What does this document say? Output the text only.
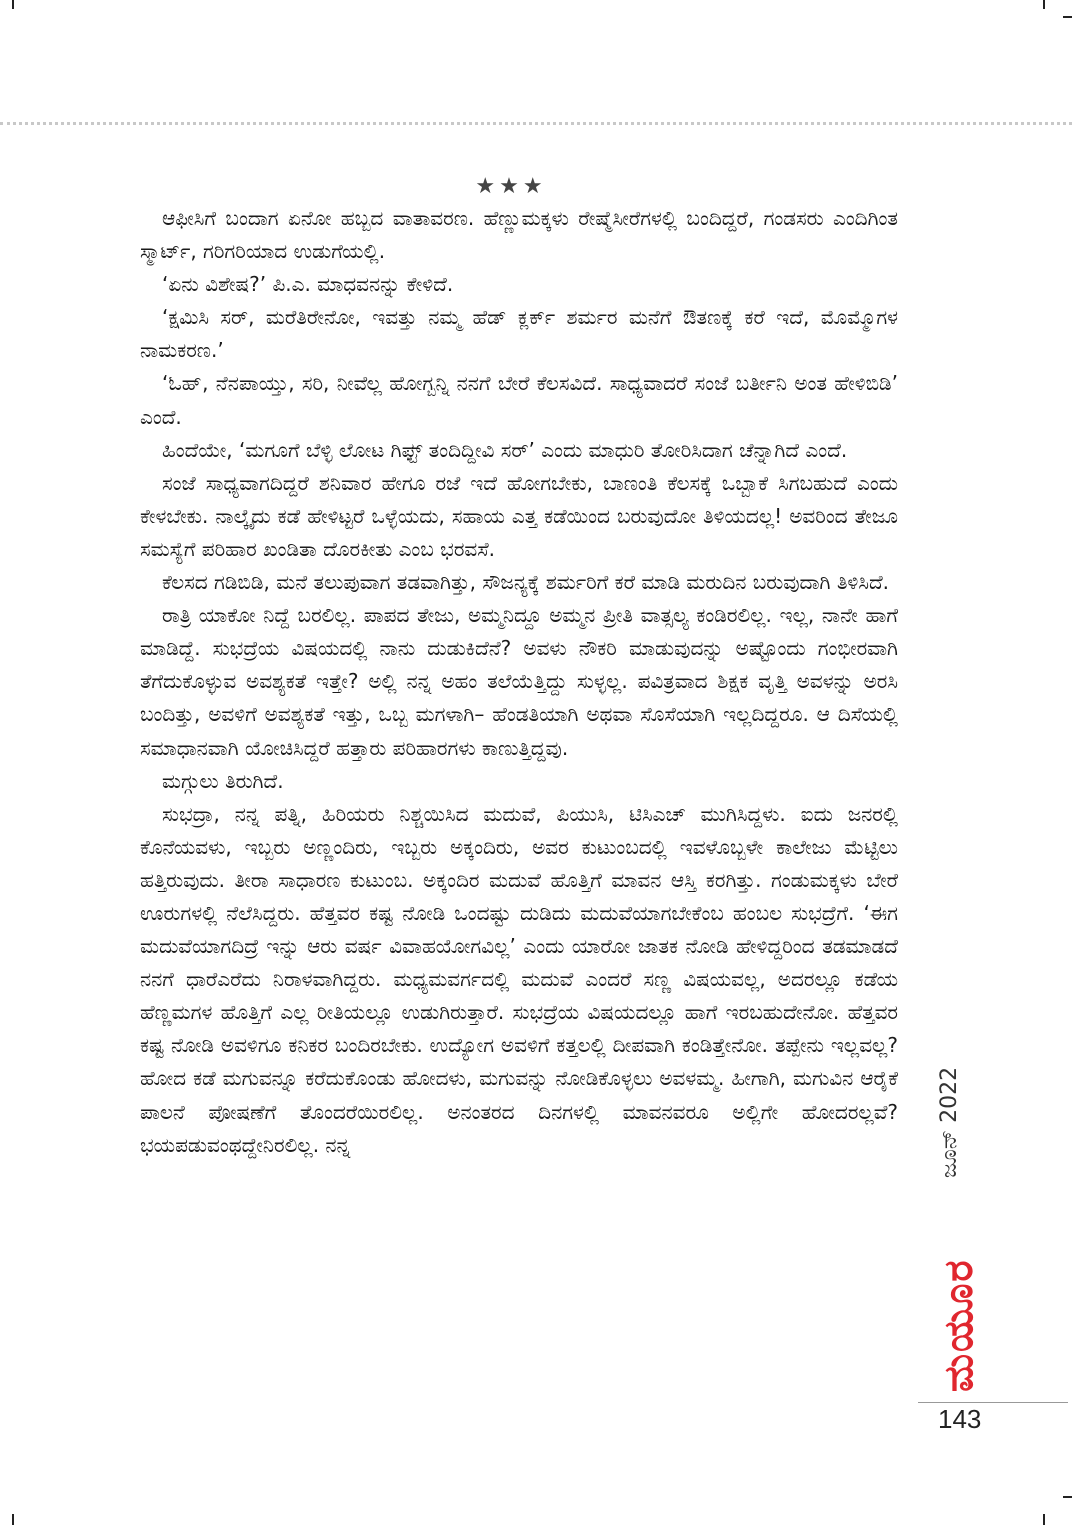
★★★

ಆಫೀಸಿಗೆ ಬಂದಾಗ ಏನೋ ಹಬ್ಬದ ವಾತಾವರಣ. ಹೆಣ್ಣುಮಕ್ಕಳು ರೇಷ್ಮೆಸೀರೆಗಳಲ್ಲಿ ಬಂದಿದ್ದರೆ, ಗಂಡಸರು ಎಂದಿಗಿಂತ ಸ್ಮಾರ್ಟ್, ಗರಿಗರಿಯಾದ ಉಡುಗೆಯಲ್ಲಿ.

‘ಏನು ವಿಶೇಷ?’ ಪಿ.ಎ. ಮಾಧವನನ್ನು ಕೇಳಿದೆ.

‘ಕ್ಷಮಿಸಿ ಸರ್, ಮರೆತಿರೇನೋ, ಇವತ್ತು ನಮ್ಮ ಹೆಡ್ ಕ್ಲರ್ಕ್ ಶರ್ಮರ ಮನೆಗೆ ಔತಣಕ್ಕೆ ಕರೆ ಇದೆ, ಮೊಮ್ಮೊಗಳ ನಾಮಕರಣ.’

‘ಓಹ್, ನೆನಪಾಯ್ತು, ಸರಿ, ನೀವೆಲ್ಲ ಹೋಗ್ಬನ್ನಿ ನನಗೆ ಬೇರೆ ಕೆಲಸವಿದೆ. ಸಾಧ್ಯವಾದರೆ ಸಂಜೆ ಬರ್ತೀನಿ ಅಂತ ಹೇಳಿಬಿಡಿ’ ಎಂದೆ.

ಹಿಂದೆಯೇ, ‘ಮಗೂಗೆ ಬೆಳ್ಳಿ ಲೋಟ ಗಿಫ್ಟ್ ತಂದಿದ್ದೀವಿ ಸರ್’ ಎಂದು ಮಾಧುರಿ ತೋರಿಸಿದಾಗ ಚೆನ್ನಾಗಿದೆ ಎಂದೆ.

ಸಂಜೆ ಸಾಧ್ಯವಾಗದಿದ್ದರೆ ಶನಿವಾರ ಹೇಗೂ ರಜೆ ಇದೆ ಹೋಗಬೇಕು, ಬಾಣಂತಿ ಕೆಲಸಕ್ಕೆ ಒಬ್ಬಾಕೆ ಸಿಗಬಹುದೆ ಎಂದು ಕೇಳಬೇಕು. ನಾಲ್ಕೈದು ಕಡೆ ಹೇಳಿಟ್ಟರೆ ಒಳ್ಳೆಯದು, ಸಹಾಯ ಎತ್ತ ಕಡೆಯಿಂದ ಬರುವುದೋ ತಿಳಿಯದಲ್ಲ! ಅವರಿಂದ ತೇಜೂ ಸಮಸ್ಯೆಗೆ ಪರಿಹಾರ ಖಂಡಿತಾ ದೊರಕೀತು ಎಂಬ ಭರವಸೆ.

ಕೆಲಸದ ಗಡಿಬಿಡಿ, ಮನೆ ತಲುಪುವಾಗ ತಡವಾಗಿತ್ತು, ಸೌಜನ್ಯಕ್ಕೆ ಶರ್ಮರಿಗೆ ಕರೆ ಮಾಡಿ ಮರುದಿನ ಬರುವುದಾಗಿ ತಿಳಿಸಿದೆ.

ರಾತ್ರಿ ಯಾಕೋ ನಿದ್ದೆ ಬರಲಿಲ್ಲ. ಪಾಪದ ತೇಜು, ಅಮ್ಮನಿದ್ದೂ ಅಮ್ಮನ ಪ್ರೀತಿ ವಾತ್ಸಲ್ಯ ಕಂಡಿರಲಿಲ್ಲ. ಇಲ್ಲ, ನಾನೇ ಹಾಗೆ ಮಾಡಿದ್ದೆ. ಸುಭದ್ರೆಯ ವಿಷಯದಲ್ಲಿ ನಾನು ದುಡುಕಿದೆನೆ? ಅವಳು ನೌಕರಿ ಮಾಡುವುದನ್ನು ಅಷ್ಟೊಂದು ಗಂಭೀರವಾಗಿ ತೆಗೆದುಕೊಳ್ಳುವ ಅವಶ್ಯಕತೆ ಇತ್ತೇ? ಅಲ್ಲಿ ನನ್ನ ಅಹಂ ತಲೆಯೆತ್ತಿದ್ದು ಸುಳ್ಳಲ್ಲ. ಪವಿತ್ರವಾದ ಶಿಕ್ಷಕ ವೃತ್ತಿ ಅವಳನ್ನು ಅರಸಿ ಬಂದಿತ್ತು, ಅವಳಿಗೆ ಅವಶ್ಯಕತೆ ಇತ್ತು, ಒಬ್ಬ ಮಗಳಾಗಿ– ಹೆಂಡತಿಯಾಗಿ ಅಥವಾ ಸೊಸೆಯಾಗಿ ಇಲ್ಲದಿದ್ದರೂ. ಆ ದಿಸೆಯಲ್ಲಿ ಸಮಾಧಾನವಾಗಿ ಯೋಚಿಸಿದ್ದರೆ ಹತ್ತಾರು ಪರಿಹಾರಗಳು ಕಾಣುತ್ತಿದ್ದವು.

ಮಗ್ಗುಲು ತಿರುಗಿದೆ.

ಸುಭದ್ರಾ, ನನ್ನ ಪತ್ನಿ, ಹಿರಿಯರು ನಿಶ್ಚಯಿಸಿದ ಮದುವೆ, ಪಿಯುಸಿ, ಟಿಸಿಎಚ್ ಮುಗಿಸಿದ್ದಳು. ಐದು ಜನರಲ್ಲಿ ಕೊನೆಯವಳು, ಇಬ್ಬರು ಅಣ್ಣಂದಿರು, ಇಬ್ಬರು ಅಕ್ಕಂದಿರು, ಅವರ ಕುಟುಂಬದಲ್ಲಿ ಇವಳೊಬ್ಬಳೇ ಕಾಲೇಜು ಮೆಟ್ಟಿಲು ಹತ್ತಿರುವುದು. ತೀರಾ ಸಾಧಾರಣ ಕುಟುಂಬ. ಅಕ್ಕಂದಿರ ಮದುವೆ ಹೊತ್ತಿಗೆ ಮಾವನ ಆಸ್ತಿ ಕರಗಿತ್ತು. ಗಂಡುಮಕ್ಕಳು ಬೇರೆ ಊರುಗಳಲ್ಲಿ ನೆಲೆಸಿದ್ದರು. ಹೆತ್ತವರ ಕಷ್ಟ ನೋಡಿ ಒಂದಷ್ಟು ದುಡಿದು ಮದುವೆಯಾಗಬೇಕೆಂಬ ಹಂಬಲ ಸುಭದ್ರೆಗೆ. ‘ಈಗ ಮದುವೆಯಾಗದಿದ್ರೆ ಇನ್ನು ಆರು ವರ್ಷ ವಿವಾಹಯೋಗವಿಲ್ಲ’ ಎಂದು ಯಾರೋ ಜಾತಕ ನೋಡಿ ಹೇಳಿದ್ದರಿಂದ ತಡಮಾಡದೆ ನನಗೆ ಧಾರೆಎರೆದು ನಿರಾಳವಾಗಿದ್ದರು. ಮಧ್ಯಮವರ್ಗದಲ್ಲಿ ಮದುವೆ ಎಂದರೆ ಸಣ್ಣ ವಿಷಯವಲ್ಲ, ಅದರಲ್ಲೂ ಕಡೆಯ ಹೆಣ್ಣಮಗಳ ಹೊತ್ತಿಗೆ ಎಲ್ಲ ರೀತಿಯಲ್ಲೂ ಉಡುಗಿರುತ್ತಾರೆ. ಸುಭದ್ರೆಯ ವಿಷಯದಲ್ಲೂ ಹಾಗೆ ಇರಬಹುದೇನೋ. ಹೆತ್ತವರ ಕಷ್ಟ ನೋಡಿ ಅವಳಿಗೂ ಕನಿಕರ ಬಂದಿರಬೇಕು. ಉದ್ಯೋಗ ಅವಳಿಗೆ ಕತ್ತಲಲ್ಲಿ ದೀಪವಾಗಿ ಕಂಡಿತ್ತೇನೋ. ತಪ್ಪೇನು ಇಲ್ಲವಲ್ಲ? ಹೋದ ಕಡೆ ಮಗುವನ್ನೂ ಕರೆದುಕೊಂಡು ಹೋದಳು, ಮಗುವನ್ನು ನೋಡಿಕೊಳ್ಳಲು ಅವಳಮ್ಮ. ಹೀಗಾಗಿ, ಮಗುವಿನ ಆರೈಕೆ ಪಾಲನೆ ಪೋಷಣೆಗೆ ತೊಂದರೆಯಿರಲಿಲ್ಲ. ಅನಂತರದ ದಿನಗಳಲ್ಲಿ ಮಾವನವರೂ ಅಲ್ಲಿಗೇ ಹೋದರಲ್ಲವೆ? ಭಯಪಡುವಂಥದ್ದೇನಿರಲಿಲ್ಲ. ನನ್ನ	ಜೂನ್ 2022
ಮಯೂರ
143
